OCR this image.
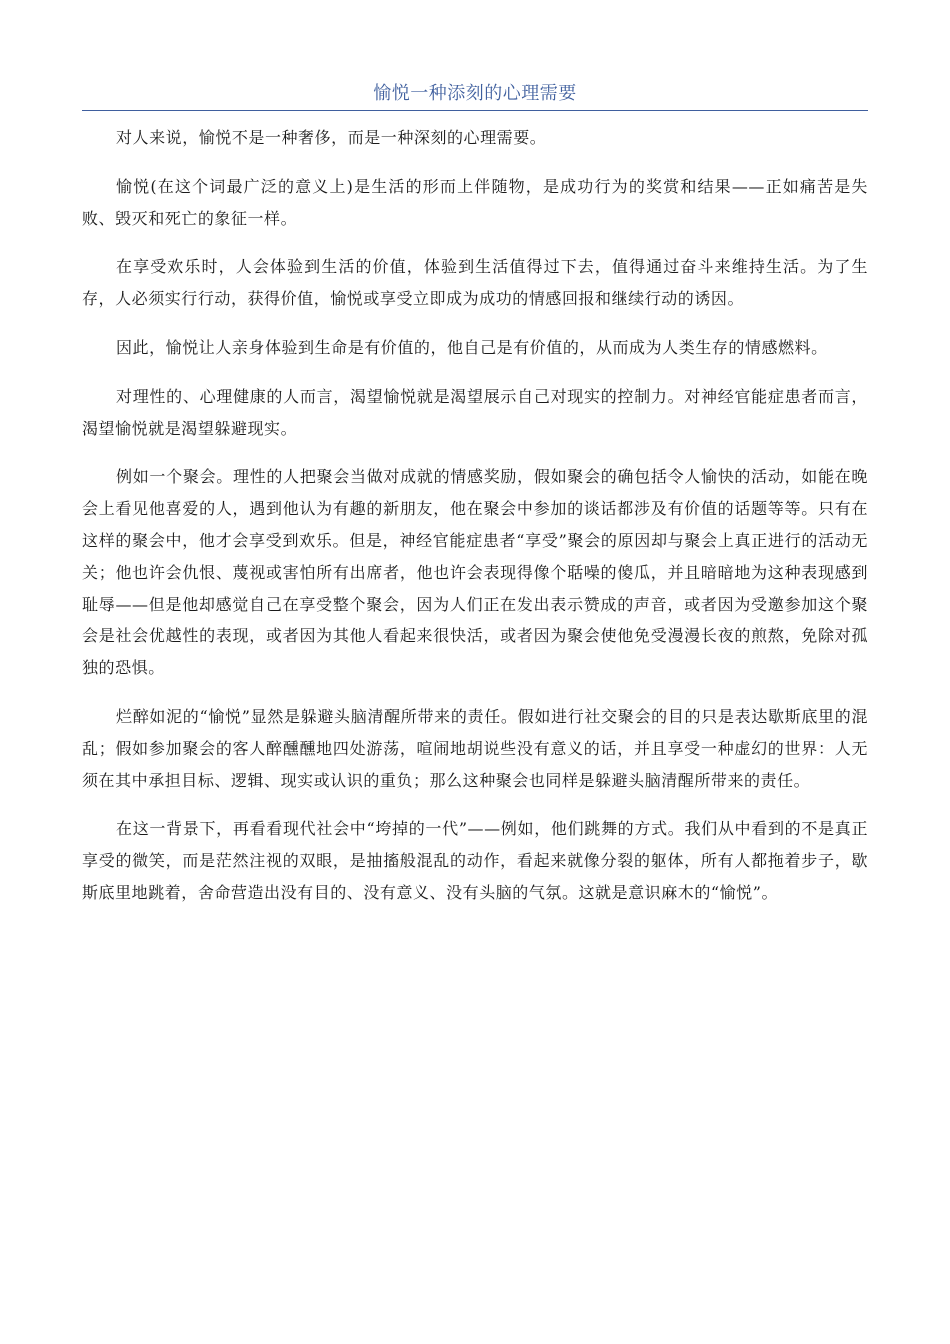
愉悦一种添刻的心理需要

对人来说，愉悦不是一种奢侈，而是一种深刻的心理需要。

愉悦(在这个词最广泛的意义上)是生活的形而上伴随物，是成功行为的奖赏和结果——正如痛苦是失败、毁灭和死亡的象征一样。

在享受欢乐时，人会体验到生活的价值，体验到生活值得过下去，值得通过奋斗来维持生活。为了生存，人必须实行行动，获得价值，愉悦或享受立即成为成功的情感回报和继续行动的诱因。

因此，愉悦让人亲身体验到生命是有价值的，他自己是有价值的，从而成为人类生存的情感燃料。

对理性的、心理健康的人而言，渴望愉悦就是渴望展示自己对现实的控制力。对神经官能症患者而言，渴望愉悦就是渴望躲避现实。

例如一个聚会。理性的人把聚会当做对成就的情感奖励，假如聚会的确包括令人愉快的活动，如能在晚会上看见他喜爱的人，遇到他认为有趣的新朋友，他在聚会中参加的谈话都涉及有价值的话题等等。只有在这样的聚会中，他才会享受到欢乐。但是，神经官能症患者“享受”聚会的原因却与聚会上真正进行的活动无关；他也许会仇恨、蔑视或害怕所有出席者，他也许会表现得像个聒噪的傻瓜，并且暗暗地为这种表现感到耻辱——但是他却感觉自己在享受整个聚会，因为人们正在发出表示赞成的声音，或者因为受邀参加这个聚会是社会优越性的表现，或者因为其他人看起来很快活，或者因为聚会使他免受漫漫长夜的煎熬，免除对孤独的恐惧。

烂醉如泥的“愉悦”显然是躲避头脑清醒所带来的责任。假如进行社交聚会的目的只是表达歇斯底里的混乱；假如参加聚会的客人醉醺醺地四处游荡，喧闹地胡说些没有意义的话，并且享受一种虚幻的世界：人无须在其中承担目标、逻辑、现实或认识的重负；那么这种聚会也同样是躲避头脑清醒所带来的责任。

在这一背景下，再看看现代社会中“垮掉的一代”——例如，他们跳舞的方式。我们从中看到的不是真正享受的微笑，而是茫然注视的双眼，是抽搐般混乱的动作，看起来就像分裂的躯体，所有人都拖着步子，歇斯底里地跳着，舍命营造出没有目的、没有意义、没有头脑的气氛。这就是意识麻木的“愉悦”。
